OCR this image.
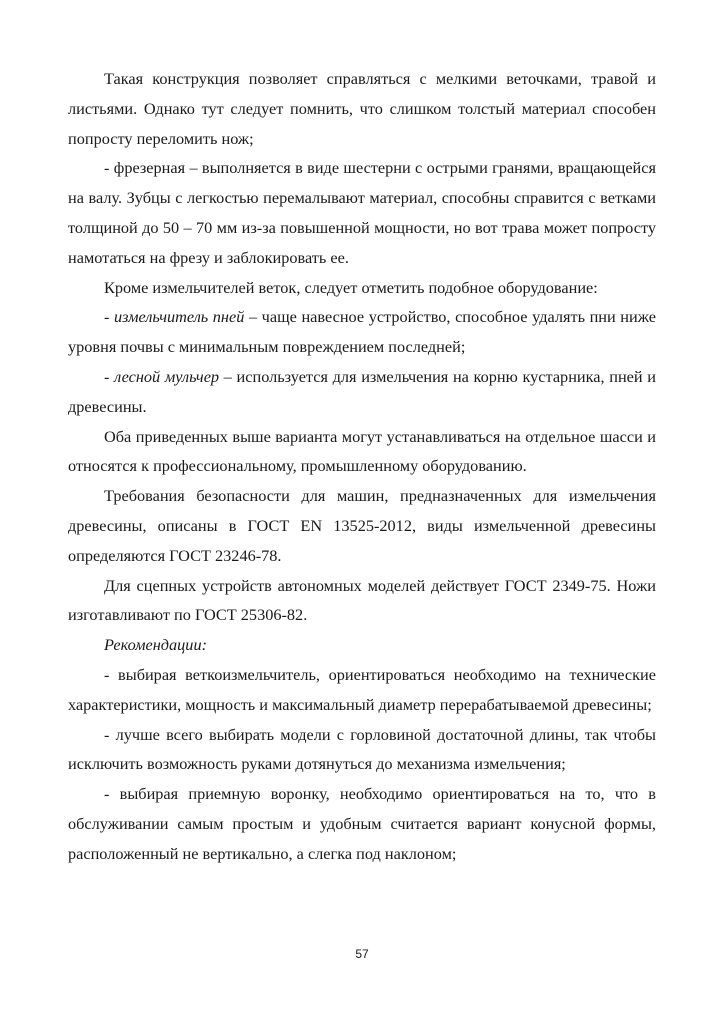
Такая конструкция позволяет справляться с мелкими веточками, травой и листьями. Однако тут следует помнить, что слишком толстый материал способен попросту переломить нож;

- фрезерная – выполняется в виде шестерни с острыми гранями, вращающейся на валу. Зубцы с легкостью перемалывают материал, способны справится с ветками толщиной до 50 – 70 мм из-за повышенной мощности, но вот трава может попросту намотаться на фрезу и заблокировать ее.

Кроме измельчителей веток, следует отметить подобное оборудование:

- измельчитель пней – чаще навесное устройство, способное удалять пни ниже уровня почвы с минимальным повреждением последней;

- лесной мульчер – используется для измельчения на корню кустарника, пней и древесины.

Оба приведенных выше варианта могут устанавливаться на отдельное шасси и относятся к профессиональному, промышленному оборудованию.

Требования безопасности для машин, предназначенных для измельчения древесины, описаны в ГОСТ EN 13525-2012, виды измельченной древесины определяются ГОСТ 23246-78.

Для сцепных устройств автономных моделей действует ГОСТ 2349-75. Ножи изготавливают по ГОСТ 25306-82.

Рекомендации:

- выбирая веткоизмельчитель, ориентироваться необходимо на технические характеристики, мощность и максимальный диаметр перерабатываемой древесины;

- лучше всего выбирать модели с горловиной достаточной длины, так чтобы исключить возможность руками дотянуться до механизма измельчения;

- выбирая приемную воронку, необходимо ориентироваться на то, что в обслуживании самым простым и удобным считается вариант конусной формы, расположенный не вертикально, а слегка под наклоном;

57
